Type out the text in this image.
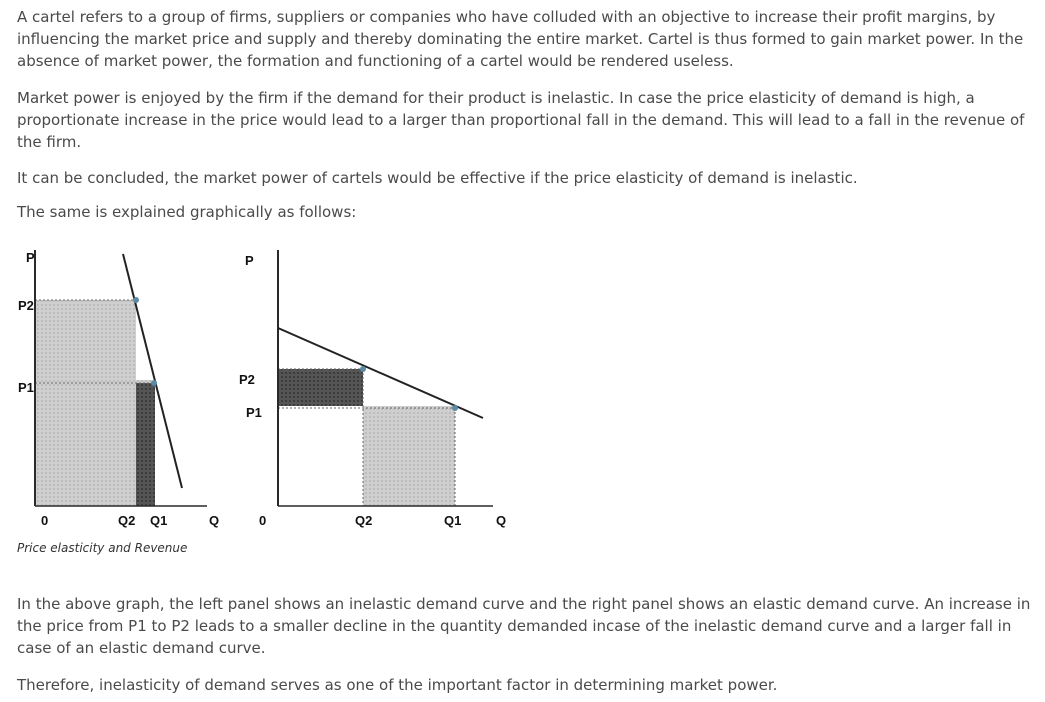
A cartel refers to a group of firms, suppliers or companies who have colluded with an objective to increase their profit margins, by influencing the market price and supply and thereby dominating the entire market. Cartel is thus formed to gain market power. In the absence of market power, the formation and functioning of a cartel would be rendered useless.

Market power is enjoyed by the firm if the demand for their product is inelastic. In case the price elasticity of demand is high, a proportionate increase in the price would lead to a larger than proportional fall in the demand. This will lead to a fall in the revenue of the firm.

It can be concluded, the market power of cartels would be effective if the price elasticity of demand is inelastic.

The same is explained graphically as follows:

P
P2
P1
0	Q2 Q1	Q
P
P2
P1
0	Q2	Q1	Q

Price elasticity and Revenue

In the above graph, the left panel shows an inelastic demand curve and the right panel shows an elastic demand curve. An increase in the price from P1 to P2 leads to a smaller decline in the quantity demanded incase of the inelastic demand curve and a larger fall in case of an elastic demand curve.

Therefore, inelasticity of demand serves as one of the important factor in determining market power.
